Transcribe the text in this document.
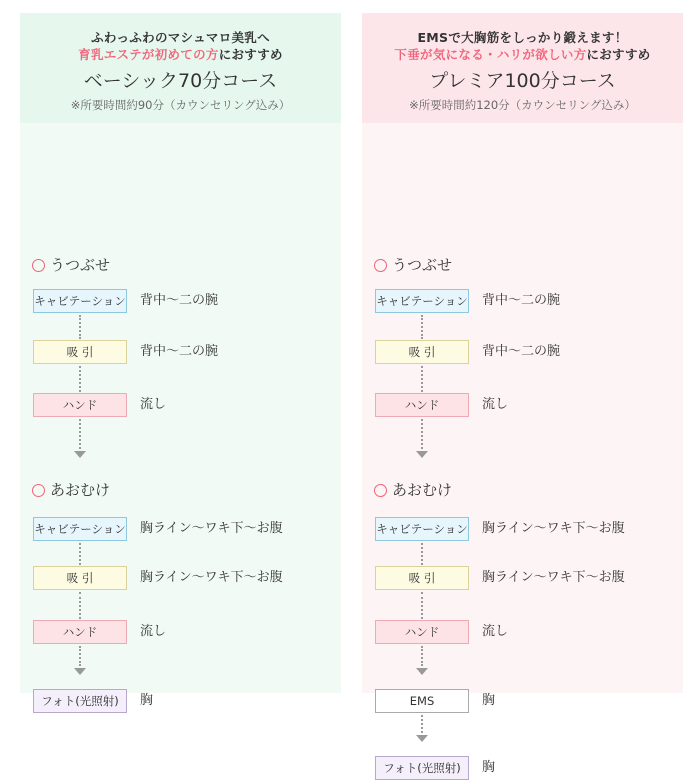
ふわっふわのマシュマロ美乳へ
育乳エステが初めての方におすすめ
ベーシック70分コース
※所要時間約90分（カウンセリング込み）
うつぶせ
キャビテーション 背中〜二の腕
吸 引	背中〜二の腕
ハンド	流し
あおむけ
キャビテーション 胸ライン〜ワキ下〜お腹
吸 引	胸ライン〜ワキ下〜お腹
ハンド	流し
フォト(光照射)	胸
EMSで大胸筋をしっかり鍛えます！
下垂が気になる・ハリが欲しい方におすすめ
プレミア100分コース
※所要時間約120分（カウンセリング込み）
うつぶせ
キャビテーション 背中〜二の腕
吸 引	背中〜二の腕
ハンド	流し
あおむけ
キャビテーション 胸ライン〜ワキ下〜お腹
吸 引	胸ライン〜ワキ下〜お腹
ハンド	流し
EMS	胸
フォト(光照射)	胸
